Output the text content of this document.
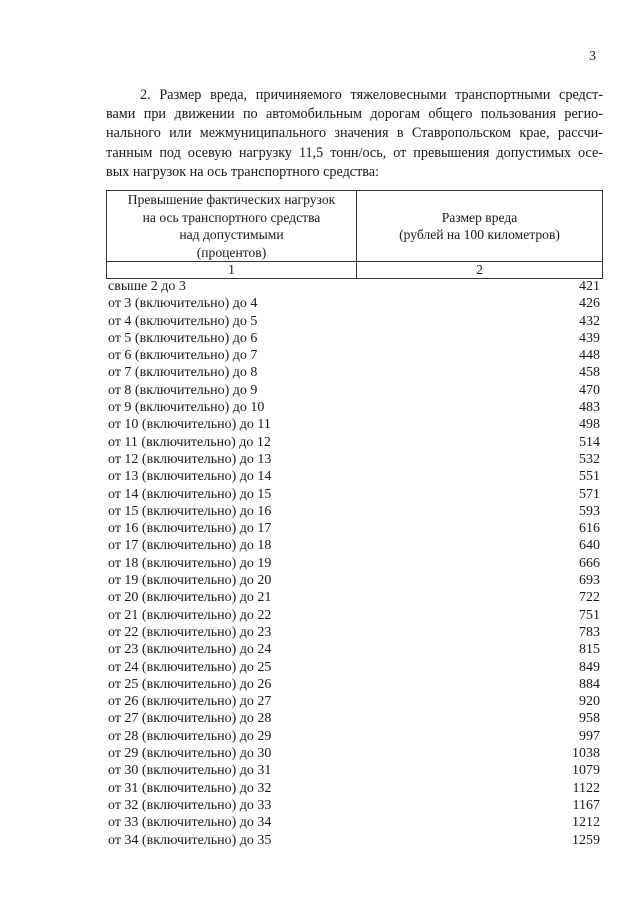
3
2. Размер вреда, причиняемого тяжеловесными транспортными средст-
вами при движении по автомобильным дорогам общего пользования регио-
нального или межмуниципального значения в Ставропольском крае, рассчи-
танным под осевую нагрузку 11,5 тонн/ось, от превышения допустимых осе-
вых нагрузок на ось транспортного средства:
Превышение фактических нагрузок
на ось транспортного средства
над допустимыми
(процентов)	Размер вреда
(рублей на 100 километров)

1	2
свыше 2 до 3	421
от 3 (включительно) до 4	426
от 4 (включительно) до 5	432
от 5 (включительно) до 6	439
от 6 (включительно) до 7	448
от 7 (включительно) до 8	458
от 8 (включительно) до 9	470
от 9 (включительно) до 10	483
от 10 (включительно) до 11	498
от 11 (включительно) до 12	514
от 12 (включительно) до 13	532
от 13 (включительно) до 14	551
от 14 (включительно) до 15	571
от 15 (включительно) до 16	593
от 16 (включительно) до 17	616
от 17 (включительно) до 18	640
от 18 (включительно) до 19	666
от 19 (включительно) до 20	693
от 20 (включительно) до 21	722
от 21 (включительно) до 22	751
от 22 (включительно) до 23	783
от 23 (включительно) до 24	815
от 24 (включительно) до 25	849
от 25 (включительно) до 26	884
от 26 (включительно) до 27	920
от 27 (включительно) до 28	958
от 28 (включительно) до 29	997
от 29 (включительно) до 30	1038
от 30 (включительно) до 31	1079
от 31 (включительно) до 32	1122
от 32 (включительно) до 33	1167
от 33 (включительно) до 34	1212
от 34 (включительно) до 35	1259
